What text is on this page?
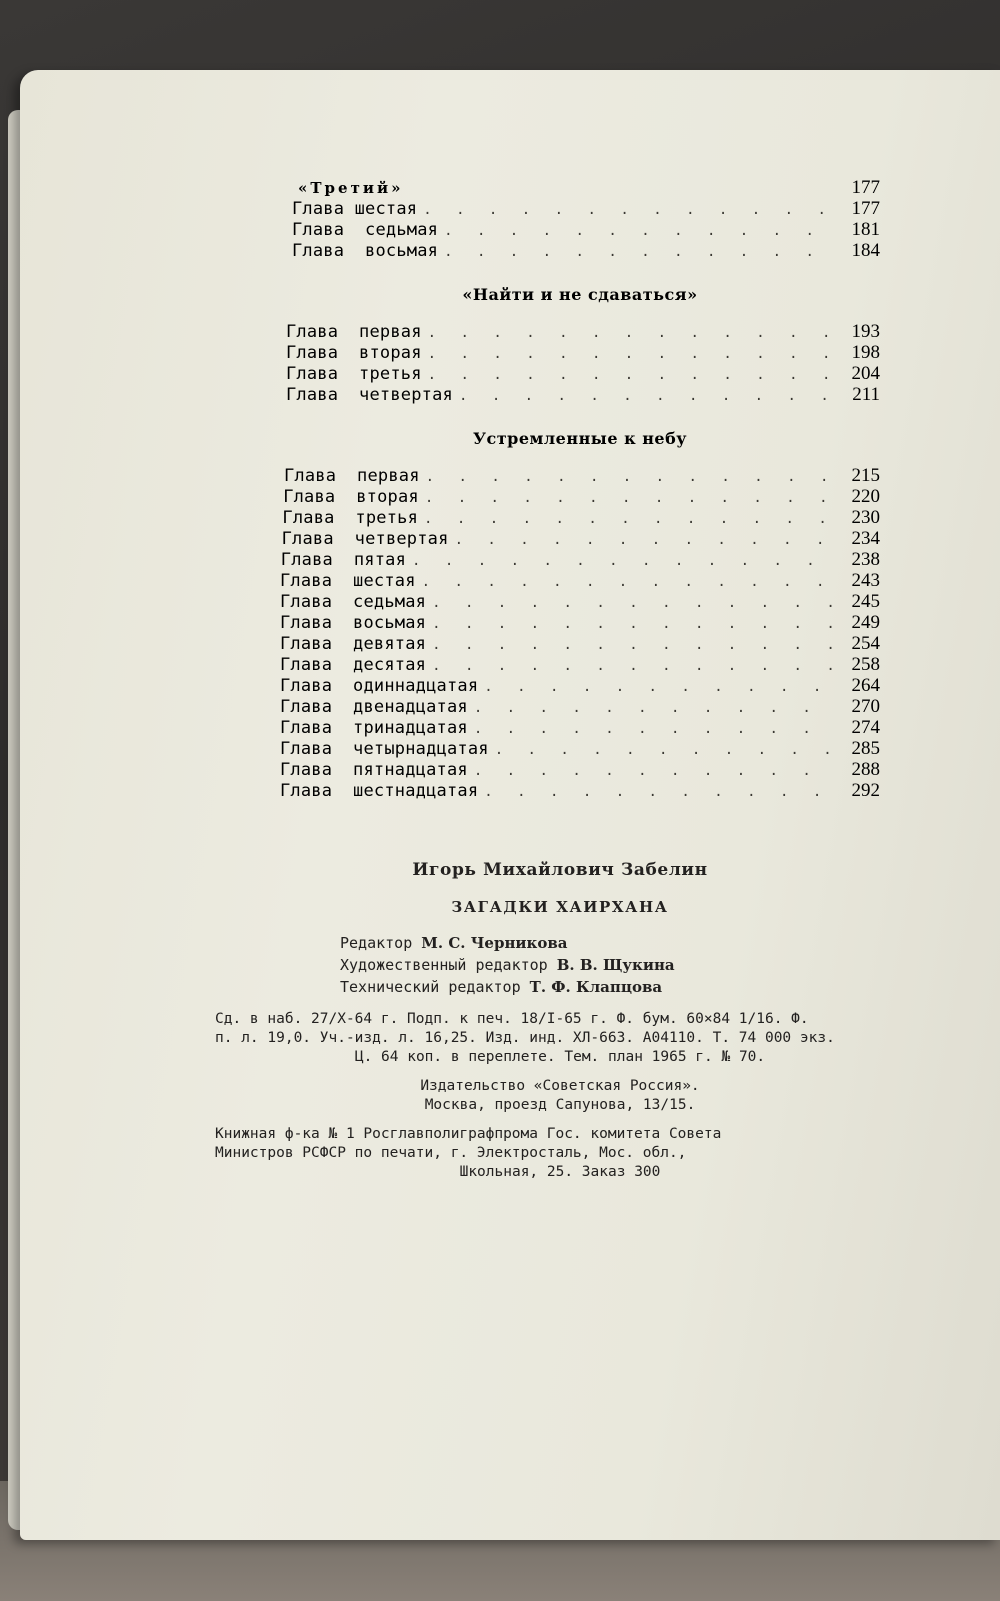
«Третий»	177
Глава шестая . . .	177
Глава  седьмая . . .	181
Глава  восьмая . . .	184
«Найти и не сдаваться»
Глава  первая . . .	193
Глава  вторая . . .	198
Глава  третья . . .	204
Глава  четвертая . . .	211
Устремленные к небу
Глава  первая . . .	215
Глава  вторая . . .	220
Глава  третья . . .	230
Глава  четвертая . . .	234
Глава  пятая . . .	238
Глава  шестая . . .	243
Глава  седьмая . . .	245
Глава  восьмая . . .	249
Глава  девятая . . .	254
Глава  десятая . . .	258
Глава  одиннадцатая . . .	264
Глава  двенадцатая . . .	270
Глава  тринадцатая . . .	274
Глава  четырнадцатая . . .	285
Глава  пятнадцатая . . .	288
Глава  шестнадцатая . . .	292
Игорь Михайлович Забелин
ЗАГАДКИ ХАИРХАНА
Редактор М. С. Черникова
Художественный редактор В. В. Щукина
Технический редактор Т. Ф. Клапцова
Сд. в наб. 27/X-64 г. Подп. к печ. 18/I-65 г. Ф. бум. 60×84 1/16. Ф.
п. л. 19,0. Уч.-изд. л. 16,25. Изд. инд. ХЛ-663. А04110. Т. 74 000 экз.
Ц. 64 коп. в переплете. Тем. план 1965 г. № 70.
Издательство «Советская Россия».
Москва, проезд Сапунова, 13/15.
Книжная ф-ка № 1 Росглавполиграфпрома Гос. комитета Совета
Министров РСФСР по печати, г. Электросталь, Мос. обл.,
Школьная, 25. Заказ 300
